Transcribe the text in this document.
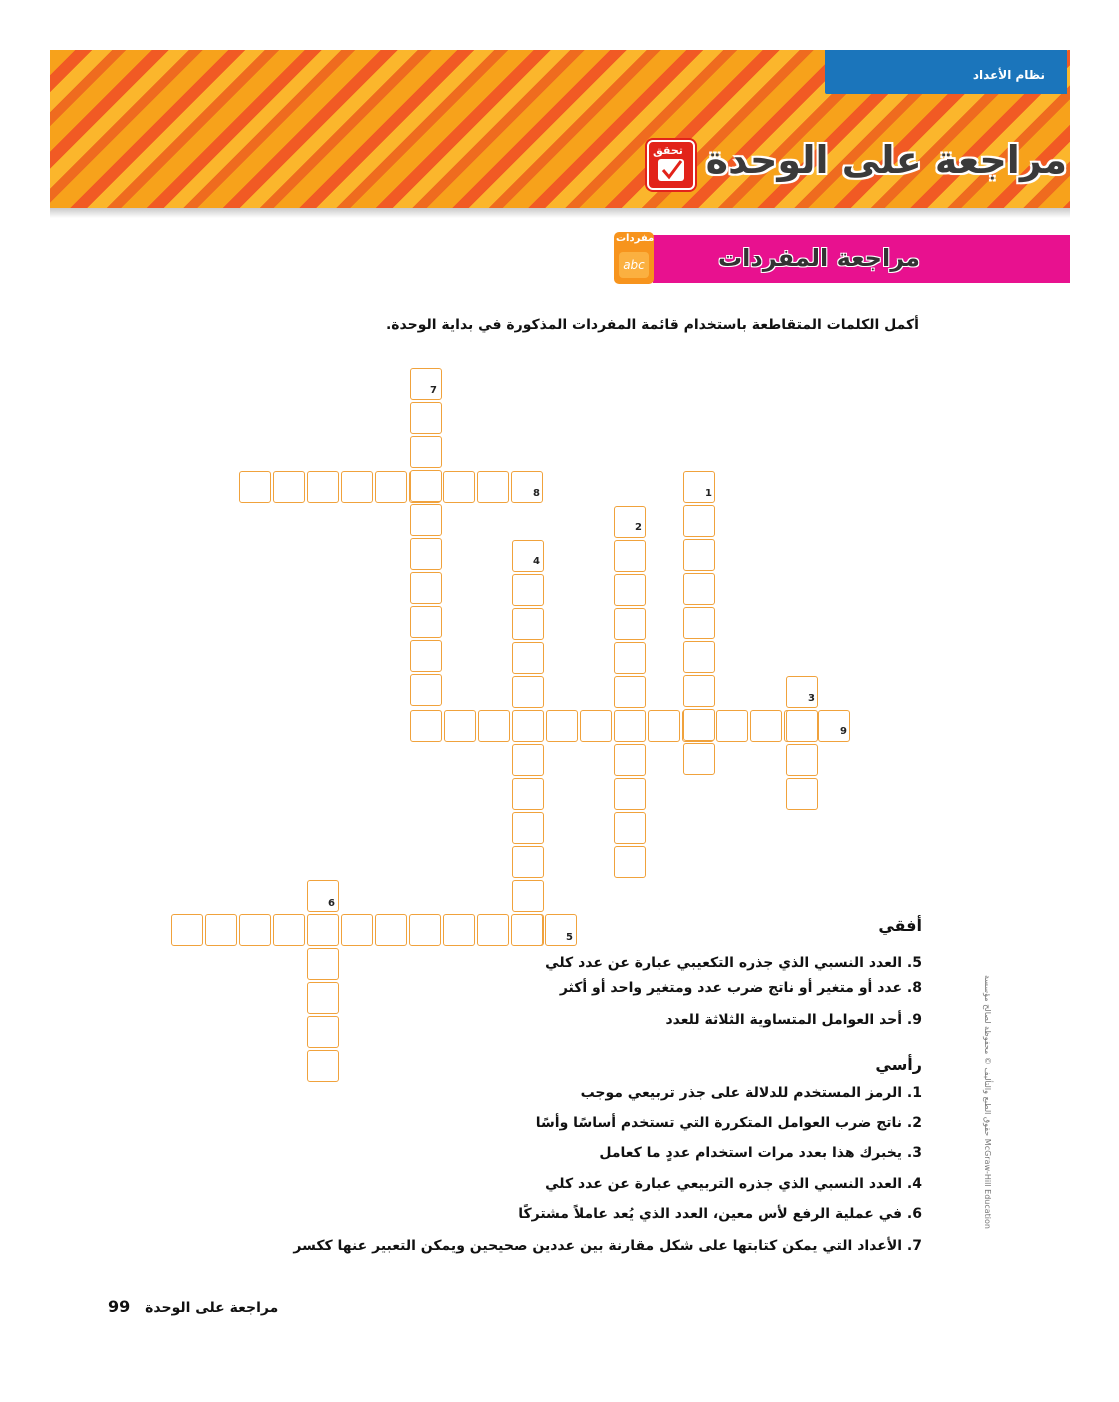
نظام الأعداد
مراجعة على الوحدة
تحقق
مراجعة المفردات
مفردات
abc
أكمل الكلمات المتقاطعة باستخدام قائمة المفردات المذكورة في بداية الوحدة.
7
8	1
2
4
3
9
6
5
أفقي
5. العدد النسبي الذي جذره التكعيبي عبارة عن عدد كلي
8. عدد أو متغير أو ناتج ضرب عدد ومتغير واحد أو أكثر
9. أحد العوامل المتساوية الثلاثة للعدد
رأسي
1. الرمز المستخدم للدلالة على جذر تربيعي موجب
2. ناتج ضرب العوامل المتكررة التي تستخدم أساسًا وأسًا
3. يخبرك هذا بعدد مرات استخدام عددٍ ما كعامل
4. العدد النسبي الذي جذره التربيعي عبارة عن عدد كلي
6. في عملية الرفع لأس معين، العدد الذي يُعد عاملاً مشتركًا
7. الأعداد التي يمكن كتابتها على شكل مقارنة بين عددين صحيحين ويمكن التعبير عنها ككسر
حقوق الطبع والتأليف © محفوظة لصالح مؤسسة McGraw-Hill Education
99 مراجعة على الوحدة
